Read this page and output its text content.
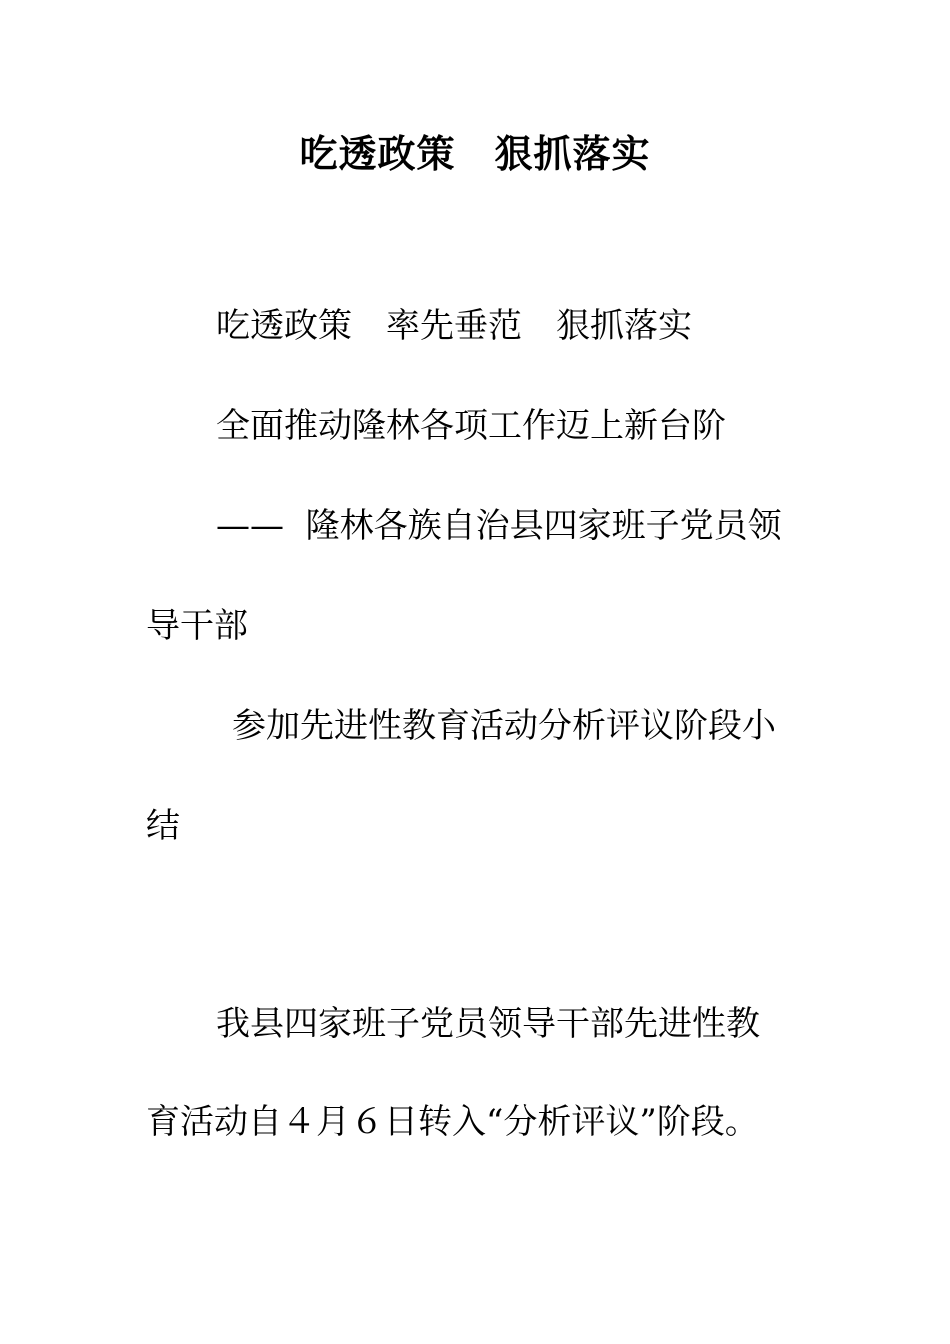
吃透政策　狠抓落实
吃透政策　率先垂范　狠抓落实
全面推动隆林各项工作迈上新台阶
——  隆林各族自治县四家班子党员领
导干部
参加先进性教育活动分析评议阶段小
结
我县四家班子党员领导干部先进性教
育活动自４月６日转入“分析评议”阶段。
